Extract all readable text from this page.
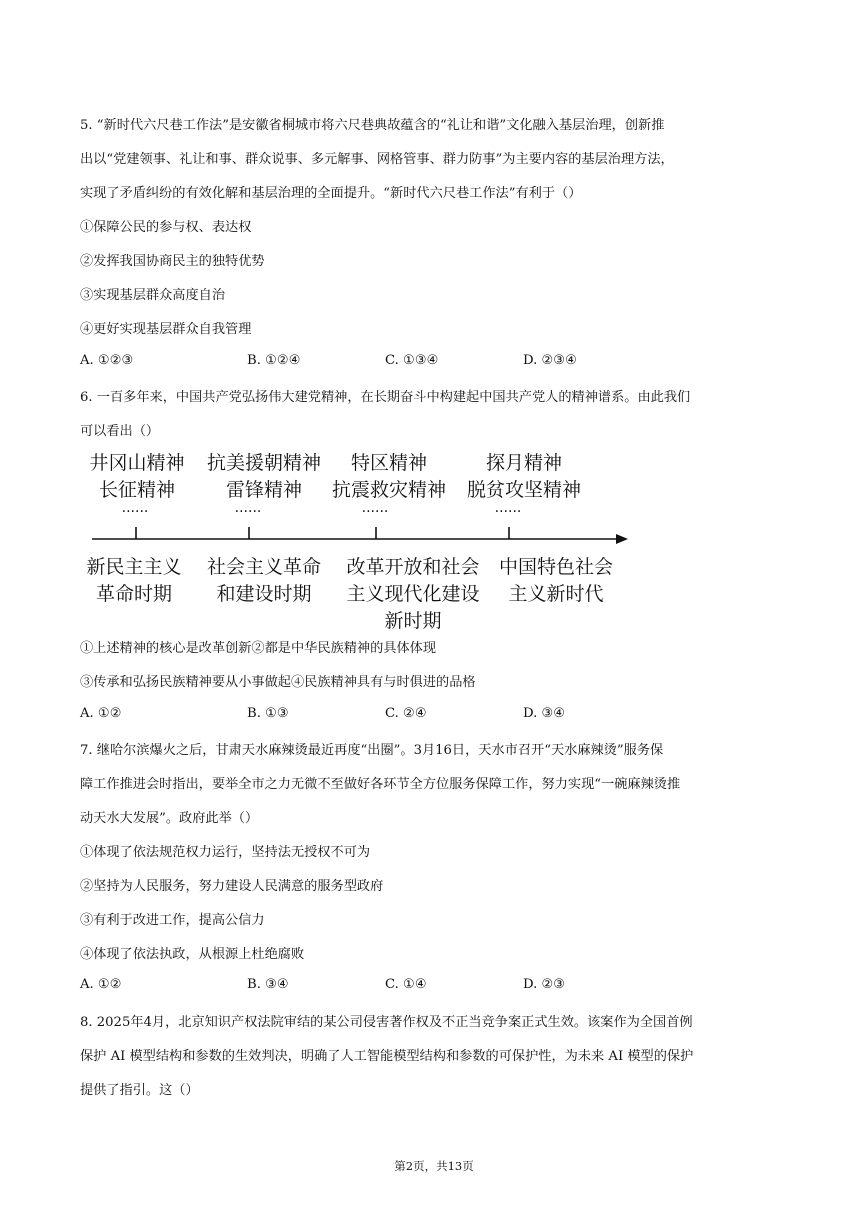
5. “新时代六尺巷工作法”是安徽省桐城市将六尺巷典故蕴含的“礼让和谐”文化融入基层治理，创新推
出以“党建领事、礼让和事、群众说事、多元解事、网格管事、群力防事”为主要内容的基层治理方法，
实现了矛盾纠纷的有效化解和基层治理的全面提升。“新时代六尺巷工作法”有利于（）
①保障公民的参与权、表达权
②发挥我国协商民主的独特优势
③实现基层群众高度自治
④更好实现基层群众自我管理
A. ①②③	B. ①②④	C. ①③④	D. ②③④
6. 一百多年来，中国共产党弘扬伟大建党精神，在长期奋斗中构建起中国共产党人的精神谱系。由此我们
可以看出（）
井冈山精神
长征精神
抗美援朝精神
雷锋精神
特区精神
抗震救灾精神
探月精神
脱贫攻坚精神
......	......	......	......
新民主主义
革命时期
社会主义革命
和建设时期
改革开放和社会
主义现代化建设
新时期
中国特色社会
主义新时代
①上述精神的核心是改革创新②都是中华民族精神的具体体现
③传承和弘扬民族精神要从小事做起④民族精神具有与时俱进的品格
A. ①②	B. ①③	C. ②④	D. ③④
7. 继哈尔滨爆火之后，甘肃天水麻辣烫最近再度“出圈”。3月16日，天水市召开“天水麻辣烫”服务保
障工作推进会时指出，要举全市之力无微不至做好各环节全方位服务保障工作，努力实现“一碗麻辣烫推
动天水大发展”。政府此举（）
①体现了依法规范权力运行，坚持法无授权不可为
②坚持为人民服务，努力建设人民满意的服务型政府
③有利于改进工作，提高公信力
④体现了依法执政，从根源上杜绝腐败
A. ①②	B. ③④	C. ①④	D. ②③
8. 2025年4月，北京知识产权法院审结的某公司侵害著作权及不正当竞争案正式生效。该案作为全国首例
保护 AI 模型结构和参数的生效判决，明确了人工智能模型结构和参数的可保护性，为未来 AI 模型的保护
提供了指引。这（）
第2页，共13页
